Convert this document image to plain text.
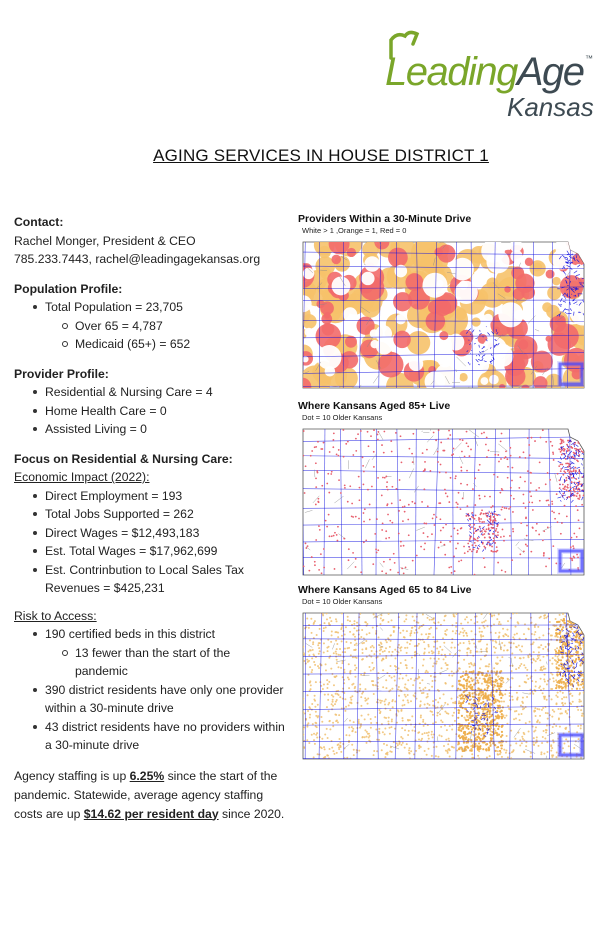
LeadingAge ™
Kansas
AGING SERVICES IN HOUSE DISTRICT 1
Contact:
Rachel Monger, President & CEO
785.233.7443, rachel@leadingagekansas.org
Population Profile:
Total Population = 23,705
Over 65 = 4,787
Medicaid (65+) = 652
Provider Profile:
Residential & Nursing Care = 4
Home Health Care = 0
Assisted Living = 0
Focus on Residential & Nursing Care:
Economic Impact (2022):
Direct Employment = 193
Total Jobs Supported = 262
Direct Wages = $12,493,183
Est. Total Wages = $17,962,699
Est. Contrinbution to Local Sales Tax Revenues = $425,231
Risk to Access:
190 certified beds in this district
13 fewer than the start of the pandemic
390 district residents have only one provider within a 30-minute drive
43 district residents have no providers within a 30-minute drive
Agency staffing is up 6.25% since the start of the pandemic. Statewide, average agency staffing costs are up $14.62 per resident day since 2020.
Providers Within a 30-Minute Drive
White > 1 ,Orange = 1, Red = 0
Where Kansans Aged 85+ Live
Dot = 10 Older Kansans
Where Kansans Aged 65 to 84 Live
Dot = 10 Older Kansans
